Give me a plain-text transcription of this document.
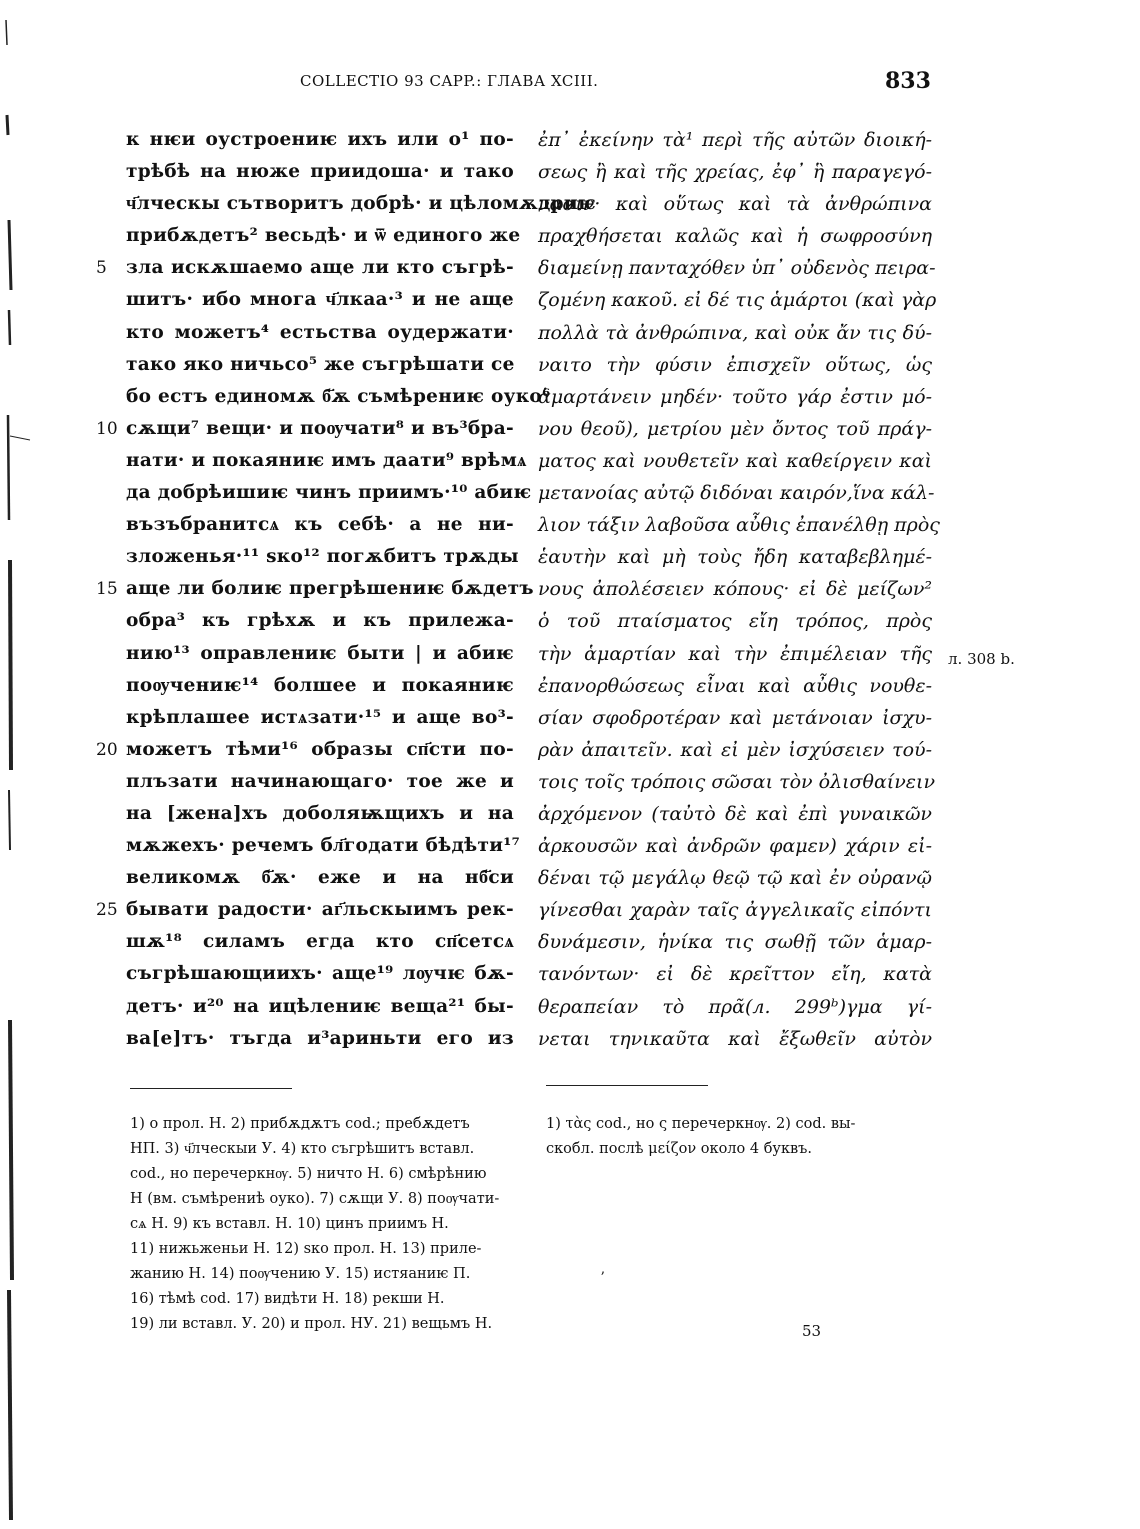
COLLECTIO 93 CAPP.: ГЛАВА XCIII.	833
5
10
15
20
25
к нѥи оустроениѥ ихъ или о¹ по-
трѣбѣ на нюже приидоша· и тако
ч҃лческы сътворитъ добрѣ· и цѣломѫдриѥ
прибѫдетъ² весьдѣ· и ѿ единого же
зла искѫшаемо аще ли кто съгрѣ-
шитъ· ибо многа ч҃лкаа·³ и не аще
кто можетъ⁴ естьства оудержати·
тако яко ничьсо⁵ же съгрѣшати се
бо естъ единомѫ б҃ѫ съмѣрениѥ оуко⁶
сѫщи⁷ вещи· и поѹчати⁸ и въ³бра-
нати· и покаяниѥ имъ даати⁹ врѣмѧ
да добрѣишиѥ чинъ приимъ·¹⁰ абиѥ
възъбранитсѧ къ себѣ· а не ни-
зложенья·¹¹ ѕко¹² погѫбитъ трѫды
аще ли болиѥ прегрѣшениѥ бѫдетъ
обра³ къ грѣхѫ и къ прилежа-
нию¹³ оправлениѥ быти | и абиѥ
поѹчениѥ¹⁴ болшее и покаяниѥ
крѣплашее истѧзати·¹⁵ и аще во³-
можетъ тѣми¹⁶ образы сп҃сти по-
плъзати начинающаго· тое же и
на [жена]хъ доболяѭщихъ и на
мѫжехъ· речемъ бл҃годати бѣдѣти¹⁷
великомѫ б҃ѫ· еже и на нб҃си
бывати радости· аг҃льскыимъ рек-
шѫ¹⁸ силамъ егда кто сп҃сетсѧ
съгрѣшающиихъ· аще¹⁹ лѹчѥ бѫ-
детъ· и²⁰ на ицѣлениѥ веща²¹ бы-
ва[е]тъ· тъгда и³ариньти его из
ἐπ᾽ ἐκείνην τὰ¹ περὶ τῆς αὐτῶν διοική-
σεως ἢ καὶ τῆς χρείας, ἐφ᾽ ἣ παραγεγό-
νασιν· καὶ οὕτως καὶ τὰ ἀνθρώπινα
πραχθήσεται καλῶς καὶ ἡ σωφροσύνη
διαμείνῃ πανταχόθεν ὑπ᾽ οὐδενὸς πειρα-
ζομένη κακοῦ. εἰ δέ τις ἁμάρτοι (καὶ γὰρ
πολλὰ τὰ ἀνθρώπινα, καὶ οὐκ ἄν τις δύ-
ναιτο τὴν φύσιν ἐπισχεῖν οὕτως, ὡς
ἁμαρτάνειν μηδέν· τοῦτο γάρ ἐστιν μό-
νου θεοῦ), μετρίου μὲν ὄντος τοῦ πράγ-
ματος καὶ νουθετεῖν καὶ καθείργειν καὶ
μετανοίας αὐτῷ διδόναι καιρόν,ἵνα κάλ-
λιον τάξιν λαβοῦσα αὖθις ἐπανέλθῃ πρὸς
ἑαυτὴν καὶ μὴ τοὺς ἤδη καταβεβλημέ-
νους ἀπολέσειεν κόπους· εἰ δὲ μείζων²
ὁ τοῦ πταίσματος εἴη τρόπος, πρὸς
τὴν ἁμαρτίαν καὶ τὴν ἐπιμέλειαν τῆς
ἐπανορθώσεως εἶναι καὶ αὖθις νουθε-
σίαν σφοδροτέραν καὶ μετάνοιαν ἰσχυ-
ρὰν ἀπαιτεῖν. καὶ εἰ μὲν ἰσχύσειεν τού-
τοις τοῖς τρόποις σῶσαι τὸν ὀλισθαίνειν
ἀρχόμενον (ταὐτὸ δὲ καὶ ἐπὶ γυναικῶν
ἀρκουσῶν καὶ ἀνδρῶν φαμεν) χάριν εἰ-
δέναι τῷ μεγάλῳ θεῷ τῷ καὶ ἐν οὐρανῷ
γίνεσθαι χαρὰν ταῖς ἀγγελικαῖς εἰπόντι
δυνάμεσιν, ἡνίκα τις σωθῇ τῶν ἁμαρ-
τανόντων· εἰ δὲ κρεῖττον εἴη, κατὰ
θεραπείαν τὸ πρᾶ(л. 299ᵇ)γμα γί-
νεται τηνικαῦτα καὶ ἔξωθεῖν αὐτὸν
л. 308 b.
1) о прол. Н. 2) прибѫдѫтъ cod.; пребѫдетъ
НП. 3) ч҃лческыи У. 4) кто съгрѣшитъ вставл.
cod., но перечеркнѹ. 5) ничто Н. 6) смѣрѣнию
Н (вм. съмѣрениѣ оуко). 7) сѫщи У. 8) поѹчати-
сѧ Н. 9) къ вставл. Н. 10) цинъ приимъ Н.
11) нижьженьи Н. 12) ѕко прол. Н. 13) прилe-
жанию Н. 14) поѹчению У. 15) истяаниѥ П.
16) тѣмѣ cod. 17) видѣти Н. 18) рекши Н.
19) ли вставл. У. 20) и прол. НУ. 21) вещьмъ Н.
1) τὰς cod., но ς перечеркнѹ. 2) cod. вы-
скобл. послѣ μείζον около 4 буквъ.
ʼ
53
